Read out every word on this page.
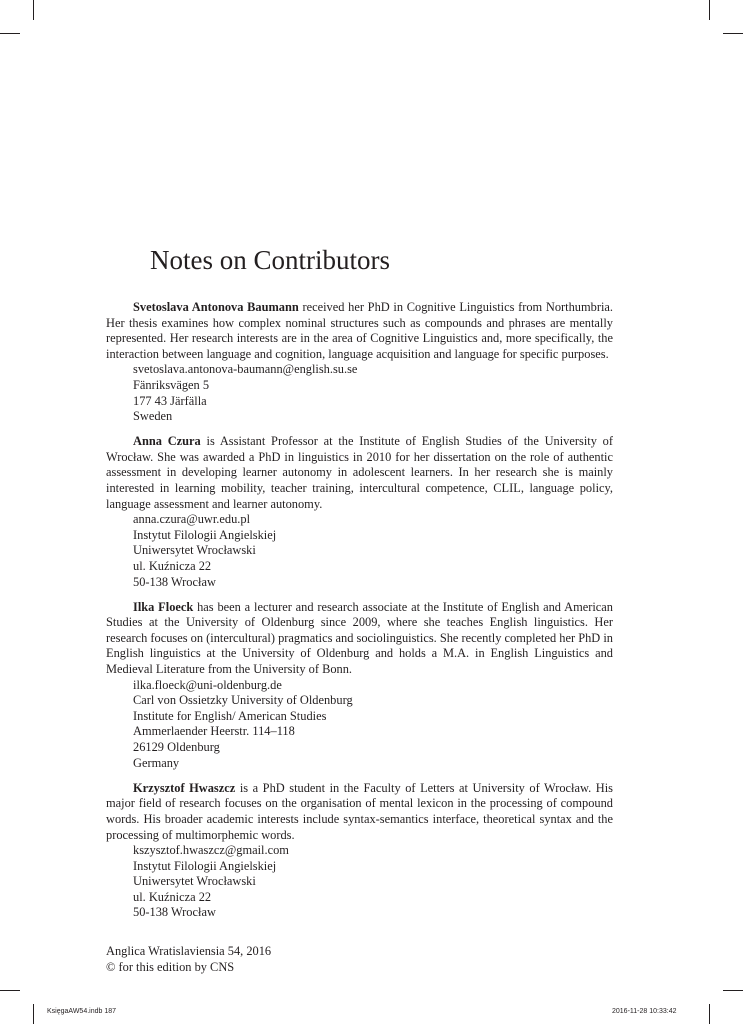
Notes on Contributors

Svetoslava Antonova Baumann received her PhD in Cognitive Linguistics from Northumbria. Her thesis examines how complex nominal structures such as compounds and phrases are mentally represented. Her research interests are in the area of Cognitive Linguistics and, more specifically, the interaction between language and cognition, language acquisition and language for specific purposes.

svetoslava.antonova-baumann@english.su.se
Fänriksvägen 5
177 43 Järfälla
Sweden

Anna Czura is Assistant Professor at the Institute of English Studies of the University of Wrocław. She was awarded a PhD in linguistics in 2010 for her dissertation on the role of authentic assessment in developing learner autonomy in adolescent learners. In her research she is mainly interested in learning mobility, teacher training, intercultural competence, CLIL, language policy, language assessment and learner autonomy.

anna.czura@uwr.edu.pl
Instytut Filologii Angielskiej
Uniwersytet Wrocławski
ul. Kuźnicza 22
50-138 Wrocław

Ilka Floeck has been a lecturer and research associate at the Institute of English and American Studies at the University of Oldenburg since 2009, where she teaches English linguistics. Her research focuses on (intercultural) pragmatics and sociolinguistics. She recently completed her PhD in English linguistics at the University of Oldenburg and holds a M.A. in English Linguistics and Medieval Literature from the University of Bonn.

ilka.floeck@uni-oldenburg.de
Carl von Ossietzky University of Oldenburg
Institute for English/ American Studies
Ammerlaender Heerstr. 114–118
26129 Oldenburg
Germany

Krzysztof Hwaszcz is a PhD student in the Faculty of Letters at University of Wrocław. His major field of research focuses on the organisation of mental lexicon in the processing of compound words. His broader academic interests include syntax-semantics interface, theoretical syntax and the processing of multimorphemic words.

kszysztof.hwaszcz@gmail.com
Instytut Filologii Angielskiej
Uniwersytet Wrocławski
ul. Kuźnicza 22
50-138 Wrocław
Anglica Wratislaviensia 54, 2016
© for this edition by CNS
KsięgaAW54.indb 187	2016-11-28 10:33:42
